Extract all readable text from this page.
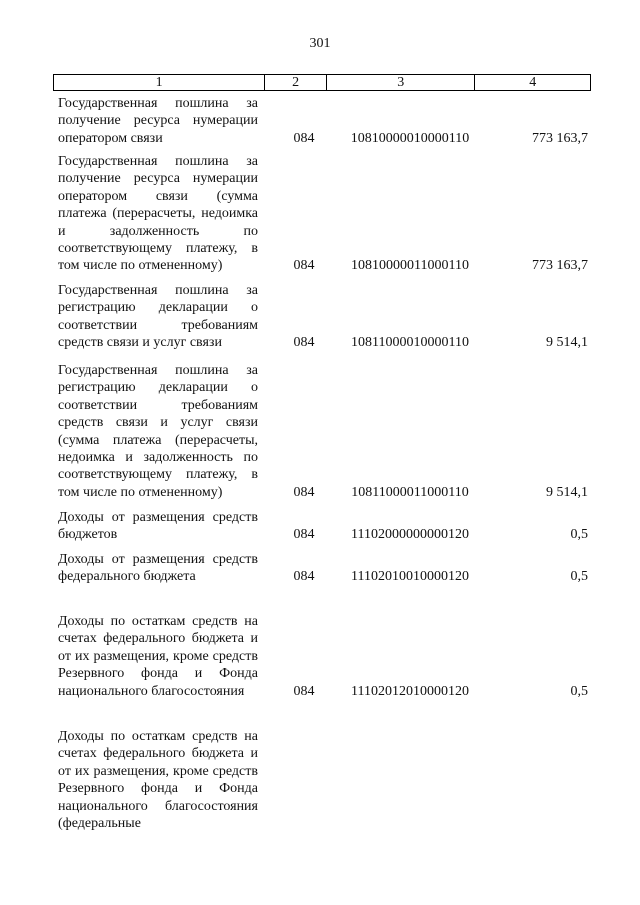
301
1	2	3	4
Государственная пошлина за получение ресурса нумерации оператором связи	084	10810000010000110	773 163,7
Государственная пошлина за получение ресурса нумерации оператором связи (сумма платежа (перерасчеты, недоимка и задолженность по соответствующему платежу, в том числе по отмененному)	084	10810000011000110	773 163,7
Государственная пошлина за регистрацию декларации о соответствии требованиям средств связи и услуг связи	084	10811000010000110	9 514,1
Государственная пошлина за регистрацию декларации о соответствии требованиям средств связи и услуг связи (сумма платежа (перерасчеты, недоимка и задолженность по соответствующему платежу, в том числе по отмененному)	084	10811000011000110	9 514,1
Доходы от размещения средств бюджетов	084	11102000000000120	0,5
Доходы от размещения средств федерального бюджета	084	11102010010000120	0,5
Доходы по остаткам средств на счетах федерального бюджета и от их размещения, кроме средств Резервного фонда и Фонда национального благосостояния	084	11102012010000120	0,5
Доходы по остаткам средств на счетах федерального бюджета и от их размещения, кроме средств Резервного фонда и Фонда национального благосостояния (федеральные
